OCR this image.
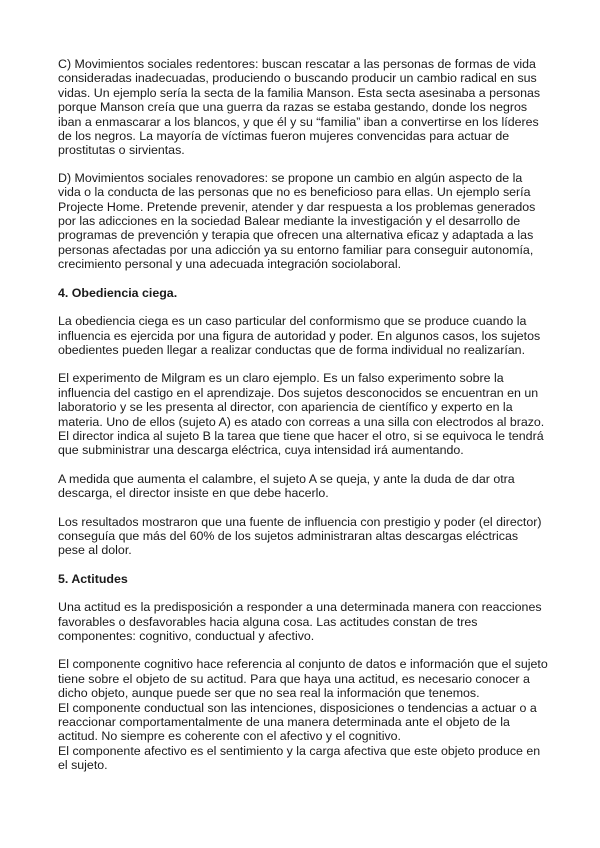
C) Movimientos sociales redentores: buscan rescatar a las personas de formas de vida consideradas inadecuadas, produciendo o buscando producir un cambio radical en sus vidas. Un ejemplo sería la secta de la familia Manson. Esta secta asesinaba a personas porque Manson creía que una guerra da razas se estaba gestando, donde los negros iban a enmascarar a los blancos, y que él y su “familia” iban a convertirse en los líderes de los negros. La mayoría de víctimas fueron mujeres convencidas para actuar de prostitutas o sirvientas.

D) Movimientos sociales renovadores: se propone un cambio en algún aspecto de la vida o la conducta de las personas que no es beneficioso para ellas. Un ejemplo sería Projecte Home. Pretende prevenir, atender y dar respuesta a los problemas generados por las adicciones en la sociedad Balear mediante la investigación y el desarrollo de programas de prevención y terapia que ofrecen una alternativa eficaz y adaptada a las personas afectadas por una adicción ya su entorno familiar para conseguir autonomía, crecimiento personal y una adecuada integración sociolaboral.

4. Obediencia ciega.

La obediencia ciega es un caso particular del conformismo que se produce cuando la influencia es ejercida por una figura de autoridad y poder. En algunos casos, los sujetos obedientes pueden llegar a realizar conductas que de forma individual no realizarían.

El experimento de Milgram es un claro ejemplo. Es un falso experimento sobre la influencia del castigo en el aprendizaje. Dos sujetos desconocidos se encuentran en un laboratorio y se les presenta al director, con apariencia de científico y experto en la materia. Uno de ellos (sujeto A) es atado con correas a una silla con electrodos al brazo. El director indica al sujeto B la tarea que tiene que hacer el otro, si se equivoca le tendrá que subministrar una descarga eléctrica, cuya intensidad irá aumentando.

A medida que aumenta el calambre, el sujeto A se queja, y ante la duda de dar otra descarga, el director insiste en que debe hacerlo.

Los resultados mostraron que una fuente de influencia con prestigio y poder (el director) conseguía que más del 60% de los sujetos administraran altas descargas eléctricas pese al dolor.

5. Actitudes

Una actitud es la predisposición a responder a una determinada manera con reacciones favorables o desfavorables hacia alguna cosa. Las actitudes constan de tres componentes: cognitivo, conductual y afectivo.

El componente cognitivo hace referencia al conjunto de datos e información que el sujeto tiene sobre el objeto de su actitud. Para que haya una actitud, es necesario conocer a dicho objeto, aunque puede ser que no sea real la información que tenemos.

El componente conductual son las intenciones, disposiciones o tendencias a actuar o a reaccionar comportamentalmente de una manera determinada ante el objeto de la actitud. No siempre es coherente con el afectivo y el cognitivo.

El componente afectivo es el sentimiento y la carga afectiva que este objeto produce en el sujeto.
